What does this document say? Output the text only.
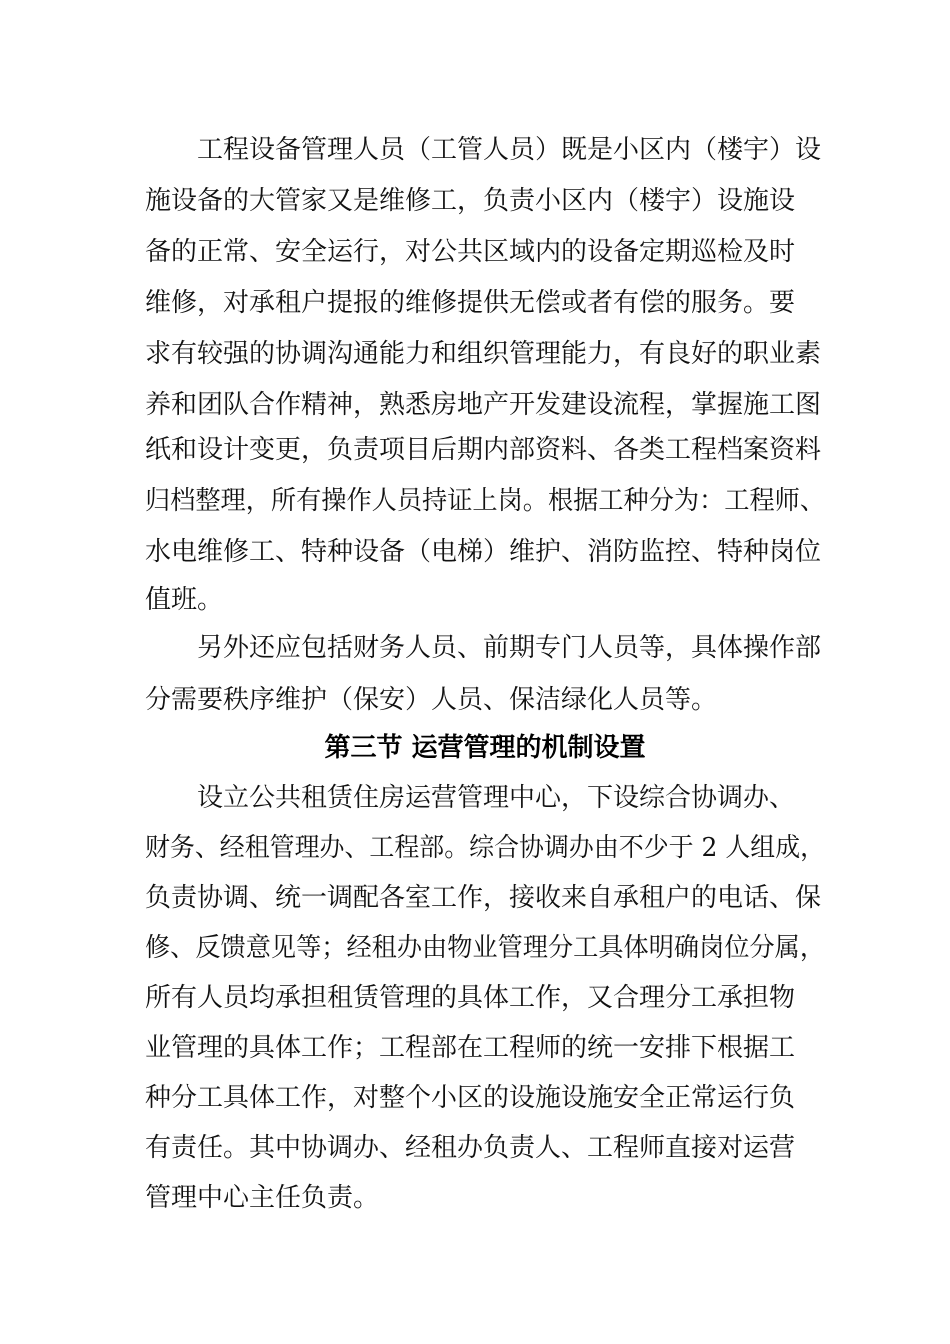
工程设备管理人员（工管人员）既是小区内（楼宇）设
施设备的大管家又是维修工，负责小区内（楼宇）设施设
备的正常、安全运行，对公共区域内的设备定期巡检及时
维修，对承租户提报的维修提供无偿或者有偿的服务。要
求有较强的协调沟通能力和组织管理能力，有良好的职业素
养和团队合作精神，熟悉房地产开发建设流程，掌握施工图
纸和设计变更，负责项目后期内部资料、各类工程档案资料
归档整理，所有操作人员持证上岗。根据工种分为：工程师、
水电维修工、特种设备（电梯）维护、消防监控、特种岗位
值班。
另外还应包括财务人员、前期专门人员等，具体操作部
分需要秩序维护（保安）人员、保洁绿化人员等。
第三节 运营管理的机制设置
设立公共租赁住房运营管理中心，下设综合协调办、
财务、经租管理办、工程部。综合协调办由不少于 2 人组成，
负责协调、统一调配各室工作，接收来自承租户的电话、保
修、反馈意见等；经租办由物业管理分工具体明确岗位分属，
所有人员均承担租赁管理的具体工作，又合理分工承担物
业管理的具体工作；工程部在工程师的统一安排下根据工
种分工具体工作，对整个小区的设施设施安全正常运行负
有责任。其中协调办、经租办负责人、工程师直接对运营
管理中心主任负责。
